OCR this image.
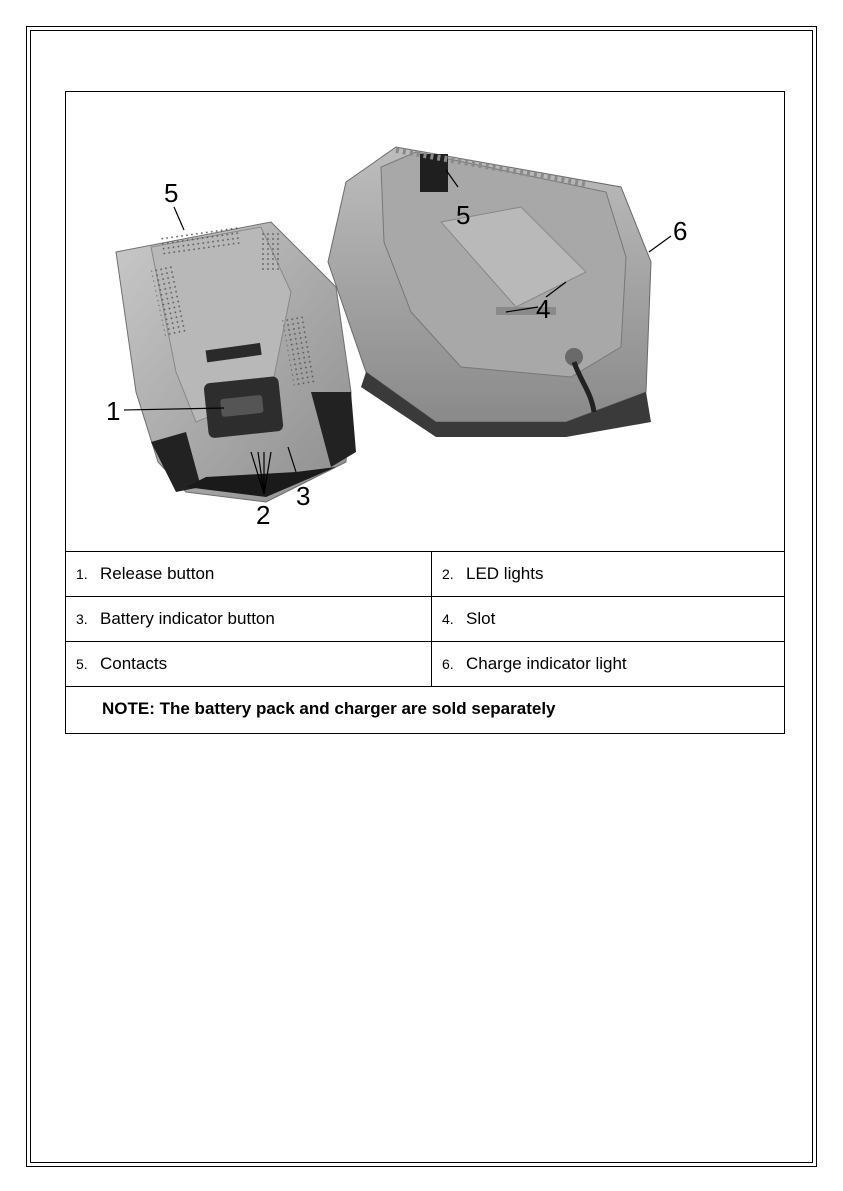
5
1
2
3
5
4
6
1. Release button	2. LED lights
3. Battery indicator button	4. Slot
5. Contacts	6. Charge indicator light
NOTE: The battery pack and charger are sold separately	
